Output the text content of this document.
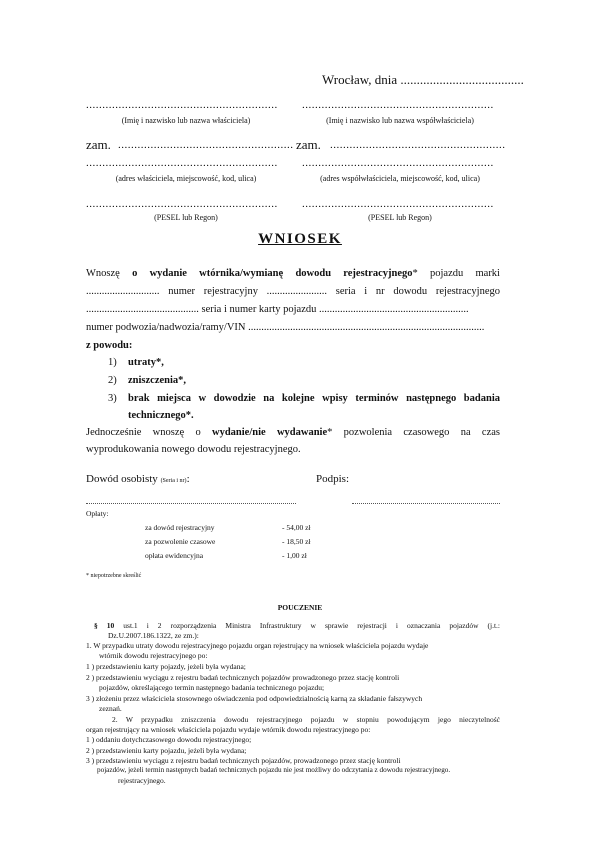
Wrocław, dnia ......................................
........................................................... ...........................................................
(Imię i nazwisko lub nazwa właściciela)	(Imię i nazwisko lub nazwa współwłaściciela)
zam. ...................................................... zam. ......................................................
........................................................... ...........................................................
(adres właściciela, miejscowość, kod, ulica)	(adres współwłaściciela, miejscowość, kod, ulica)
........................................................... ...........................................................
(PESEL lub Regon)	(PESEL lub Regon)
WNIOSEK
Wnoszę o wydanie wtórnika/wymianę dowodu rejestracyjnego* pojazdu marki
............................ numer rejestracyjny ....................... seria i nr dowodu rejestracyjnego
........................................... seria i numer karty pojazdu .........................................................
numer podwozia/nadwozia/ramy/VIN ..........................................................................................
z powodu:
1) utraty*,
2) zniszczenia*,
3) brak miejsca w dowodzie na kolejne wpisy terminów następnego badania
technicznego*.
Jednocześnie wnoszę o wydanie/nie wydawanie* pozwolenia czasowego na czas
wyprodukowania nowego dowodu rejestracyjnego.
Dowód osobisty (Seria i nr):	Podpis:
Opłaty:
za dowód rejestracyjny	- 54,00 zł
za pozwolenie czasowe	- 18,50 zł
opłata ewidencyjna	- 1,00 zł
* niepotrzebne skreślić
POUCZENIE
§ 10 ust.1 i 2 rozporządzenia Ministra Infrastruktury w sprawie rejestracji i oznaczania pojazdów (j.t.:
Dz.U.2007.186.1322, ze zm.):
1. W przypadku utraty dowodu rejestracyjnego pojazdu organ rejestrujący na wniosek właściciela pojazdu wydaje
wtórnik dowodu rejestracyjnego po:
1 ) przedstawieniu karty pojazdy, jeżeli była wydana;
2 ) przedstawieniu wyciągu z rejestru badań technicznych pojazdów prowadzonego przez stację kontroli
pojazdów, określającego termin następnego badania technicznego pojazdu;
3 ) złożeniu przez właściciela stosownego oświadczenia pod odpowiedzialnością karną za składanie fałszywych
zeznań.
2. W przypadku zniszczenia dowodu rejestracyjnego pojazdu w stopniu powodującym jego nieczytelność
organ rejestrujący na wniosek właściciela pojazdu wydaje wtórnik dowodu rejestracyjnego po:
1 ) oddaniu dotychczasowego dowodu rejestracyjnego;
2 ) przedstawieniu karty pojazdu, jeżeli była wydana;
3 ) przedstawieniu wyciągu z rejestru badań technicznych pojazdów, prowadzonego przez stację kontroli
pojazdów, jeżeli termin następnych badań technicznych pojazdu nie jest możliwy do odczytania z dowodu rejestracyjnego.
rejestracyjnego.
